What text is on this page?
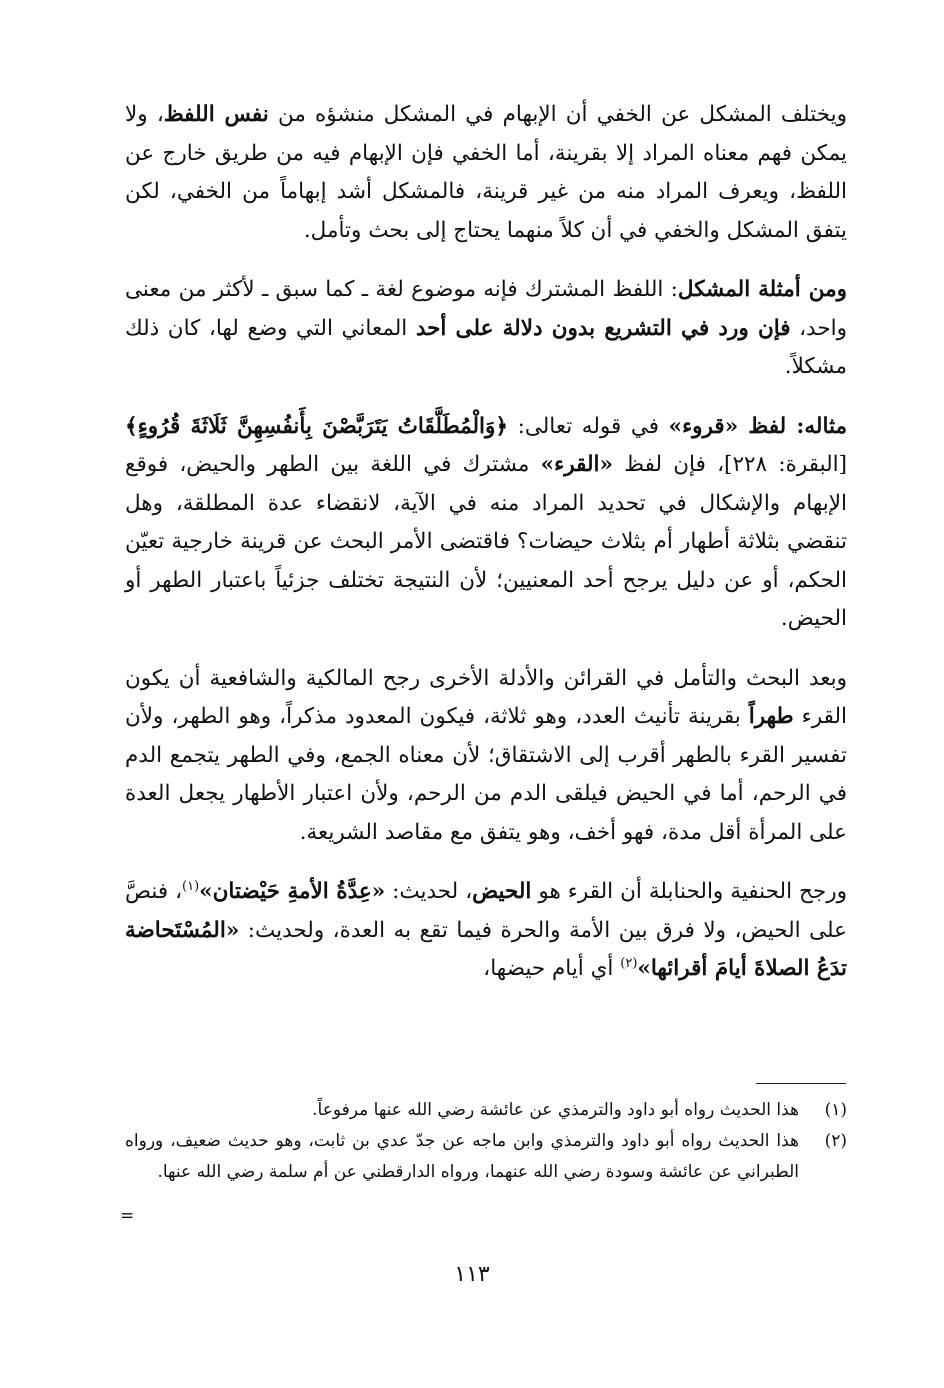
ويختلف المشكل عن الخفي أن الإبهام في المشكل منشؤه من نفس اللفظ، ولا يمكن فهم معناه المراد إلا بقرينة، أما الخفي فإن الإبهام فيه من طريق خارج عن اللفظ، ويعرف المراد منه من غير قرينة، فالمشكل أشد إبهاماً من الخفي، لكن يتفق المشكل والخفي في أن كلاً منهما يحتاج إلى بحث وتأمل.

ومن أمثلة المشكل: اللفظ المشترك فإنه موضوع لغة ـ كما سبق ـ لأكثر من معنى واحد، فإن ورد في التشريع بدون دلالة على أحد المعاني التي وضع لها، كان ذلك مشكلاً.

مثاله: لفظ «قروء» في قوله تعالى: ﴿وَالْمُطَلَّقَاتُ يَتَرَبَّصْنَ بِأَنفُسِهِنَّ ثَلَاثَةَ قُرُوءٍ﴾ [البقرة: ٢٢٨]، فإن لفظ «القرء» مشترك في اللغة بين الطهر والحيض، فوقع الإبهام والإشكال في تحديد المراد منه في الآية، لانقضاء عدة المطلقة، وهل تنقضي بثلاثة أطهار أم بثلاث حيضات؟ فاقتضى الأمر البحث عن قرينة خارجية تعيّن الحكم، أو عن دليل يرجح أحد المعنيين؛ لأن النتيجة تختلف جزئياً باعتبار الطهر أو الحيض.

وبعد البحث والتأمل في القرائن والأدلة الأخرى رجح المالكية والشافعية أن يكون القرء طهراً بقرينة تأنيث العدد، وهو ثلاثة، فيكون المعدود مذكراً، وهو الطهر، ولأن تفسير القرء بالطهر أقرب إلى الاشتقاق؛ لأن معناه الجمع، وفي الطهر يتجمع الدم في الرحم، أما في الحيض فيلقى الدم من الرحم، ولأن اعتبار الأطهار يجعل العدة على المرأة أقل مدة، فهو أخف، وهو يتفق مع مقاصد الشريعة.

ورجح الحنفية والحنابلة أن القرء هو الحيض، لحديث: «عِدَّةُ الأمةِ حَيْضتان»$^{(١)}$، فنصَّ على الحيض، ولا فرق بين الأمة والحرة فيما تقع به العدة، ولحديث: «المُسْتَحاضة تدَعُ الصلاةَ أيامَ أقرائها»$^{(٢)}$ أي أيام حيضها،

(١)
هذا الحديث رواه أبو داود والترمذي عن عائشة رضي الله عنها مرفوعاً.
(٢)
هذا الحديث رواه أبو داود والترمذي وابن ماجه عن جدّ عدي بن ثابت، وهو حديث ضعيف، ورواه الطبراني عن عائشة وسودة رضي الله عنهما، ورواه الدارقطني عن أم سلمة رضي الله عنها.
=
١١٣
